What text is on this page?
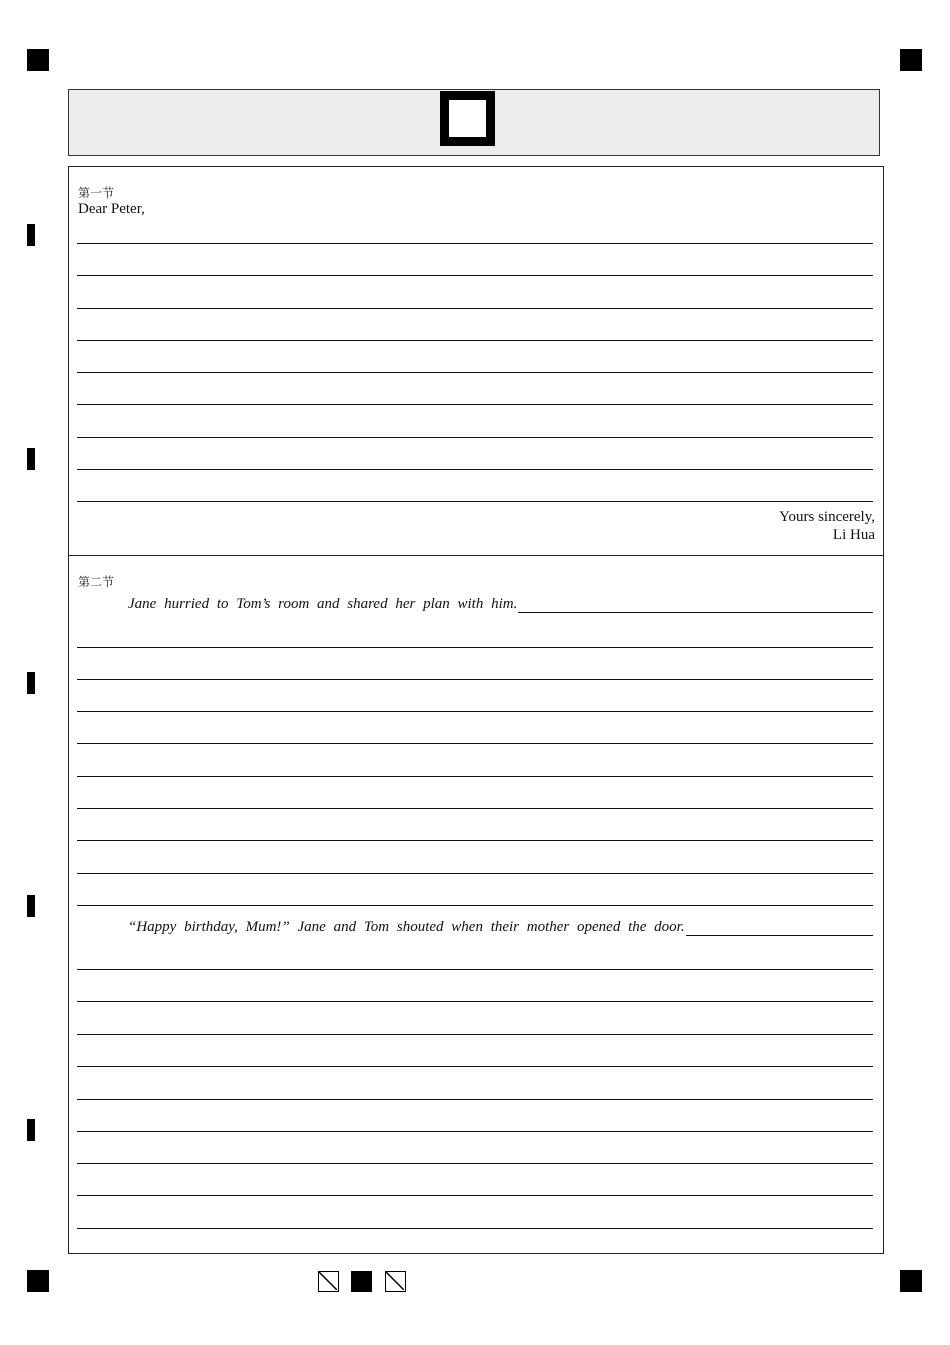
第一节
Dear Peter,
Yours sincerely,
Li Hua
第二节
Jane hurried to Tom’s room and shared her plan with him.
“Happy birthday, Mum!” Jane and Tom shouted when their mother opened the door.
